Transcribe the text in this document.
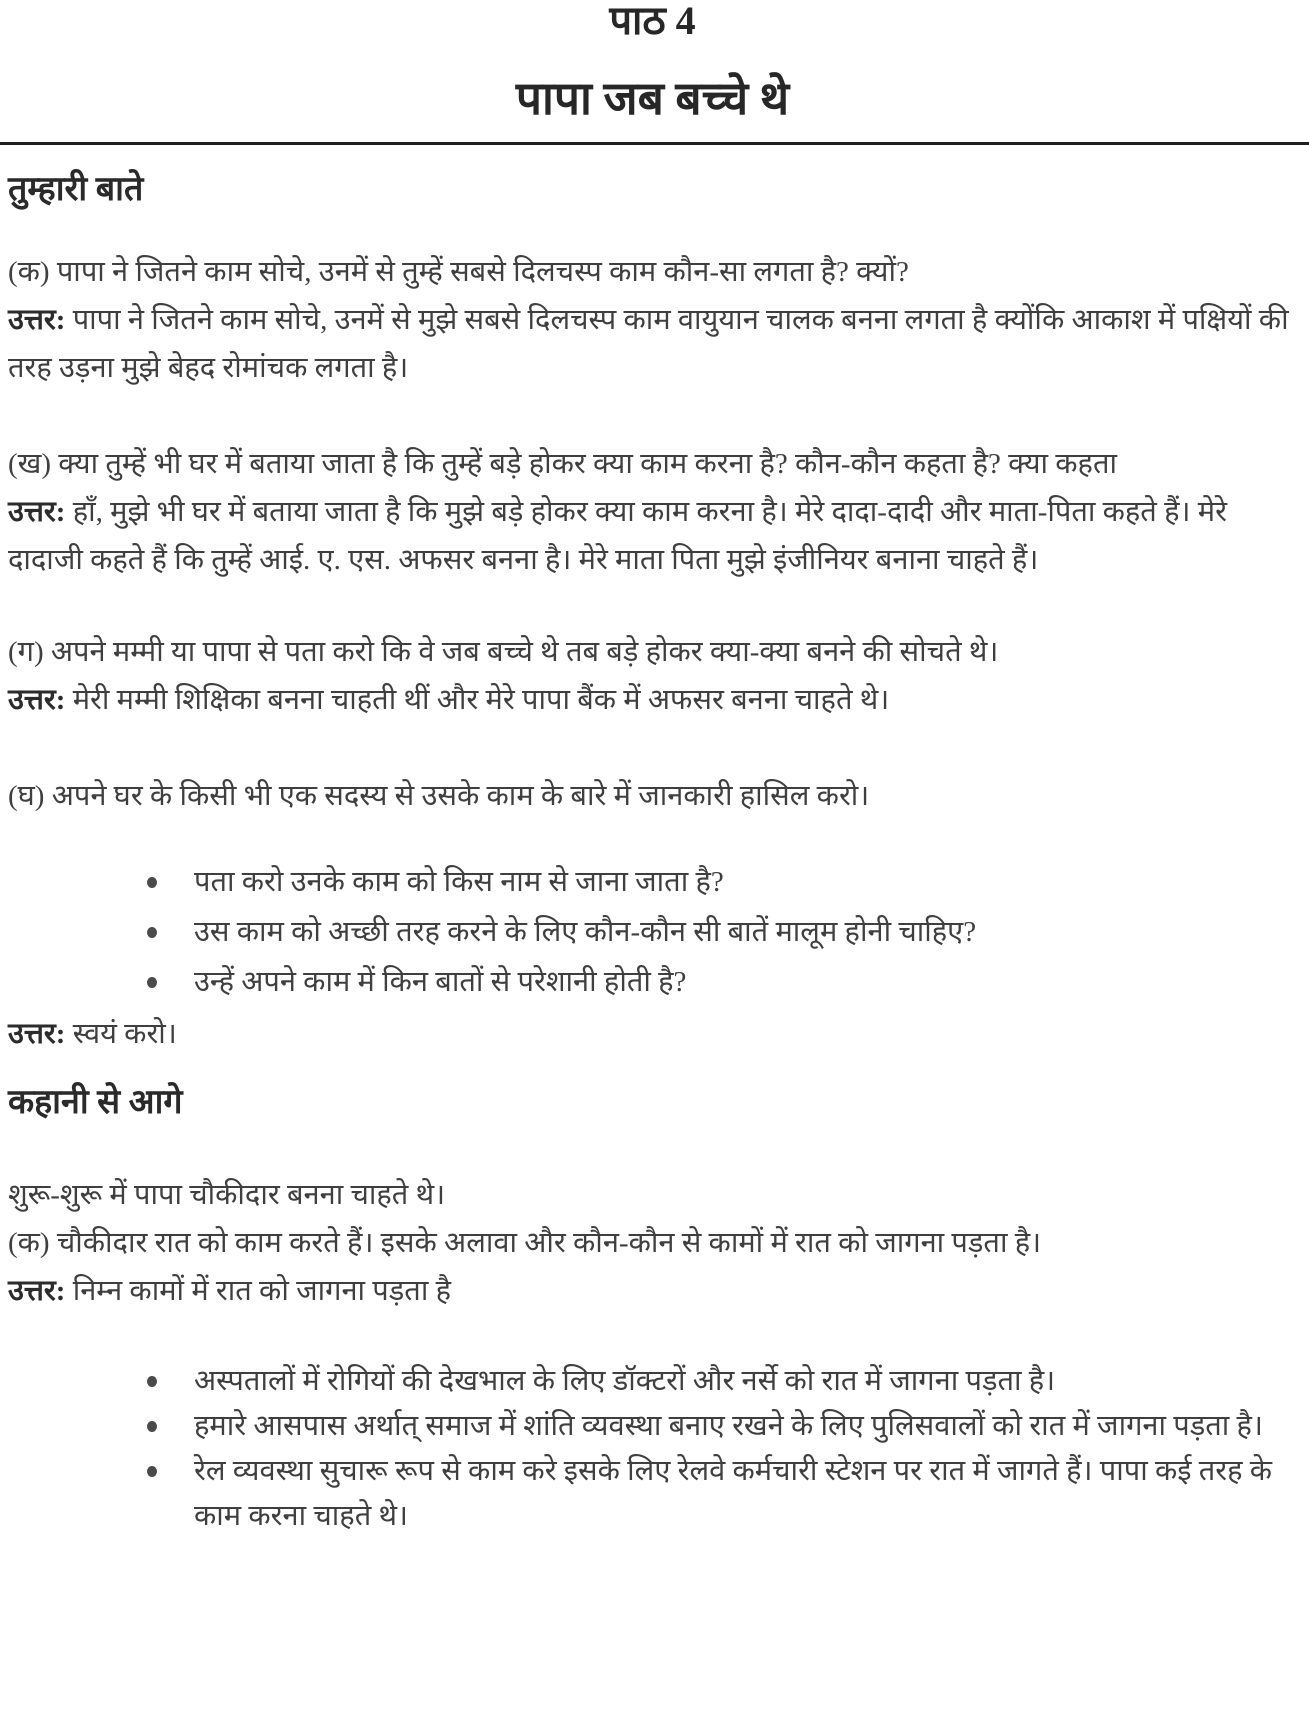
पाठ 4
पापा जब बच्चे थे
तुम्हारी बाते

(क) पापा ने जितने काम सोचे, उनमें से तुम्हें सबसे दिलचस्प काम कौन-सा लगता है? क्यों?

उत्तर: पापा ने जितने काम सोचे, उनमें से मुझे सबसे दिलचस्प काम वायुयान चालक बनना लगता है क्योंकि आकाश में पक्षियों की तरह उड़ना मुझे बेहद रोमांचक लगता है।

(ख) क्या तुम्हें भी घर में बताया जाता है कि तुम्हें बड़े होकर क्या काम करना है? कौन-कौन कहता है? क्या कहता

उत्तर: हाँ, मुझे भी घर में बताया जाता है कि मुझे बड़े होकर क्या काम करना है। मेरे दादा-दादी और माता-पिता कहते हैं। मेरे दादाजी कहते हैं कि तुम्हें आई. ए. एस. अफसर बनना है। मेरे माता पिता मुझे इंजीनियर बनाना चाहते हैं।

(ग) अपने मम्मी या पापा से पता करो कि वे जब बच्चे थे तब बड़े होकर क्या-क्या बनने की सोचते थे।

उत्तर: मेरी मम्मी शिक्षिका बनना चाहती थीं और मेरे पापा बैंक में अफसर बनना चाहते थे।

(घ) अपने घर के किसी भी एक सदस्य से उसके काम के बारे में जानकारी हासिल करो।

पता करो उनके काम को किस नाम से जाना जाता है?
उस काम को अच्छी तरह करने के लिए कौन-कौन सी बातें मालूम होनी चाहिए?
उन्हें अपने काम में किन बातों से परेशानी होती है?

उत्तर: स्वयं करो।

कहानी से आगे

शुरू-शुरू में पापा चौकीदार बनना चाहते थे।

(क) चौकीदार रात को काम करते हैं। इसके अलावा और कौन-कौन से कामों में रात को जागना पड़ता है।

उत्तर: निम्न कामों में रात को जागना पड़ता है

अस्पतालों में रोगियों की देखभाल के लिए डॉक्टरों और नर्से को रात में जागना पड़ता है।
हमारे आसपास अर्थात् समाज में शांति व्यवस्था बनाए रखने के लिए पुलिसवालों को रात में जागना पड़ता है।
रेल व्यवस्था सुचारू रूप से काम करे इसके लिए रेलवे कर्मचारी स्टेशन पर रात में जागते हैं। पापा कई तरह के काम करना चाहते थे।
